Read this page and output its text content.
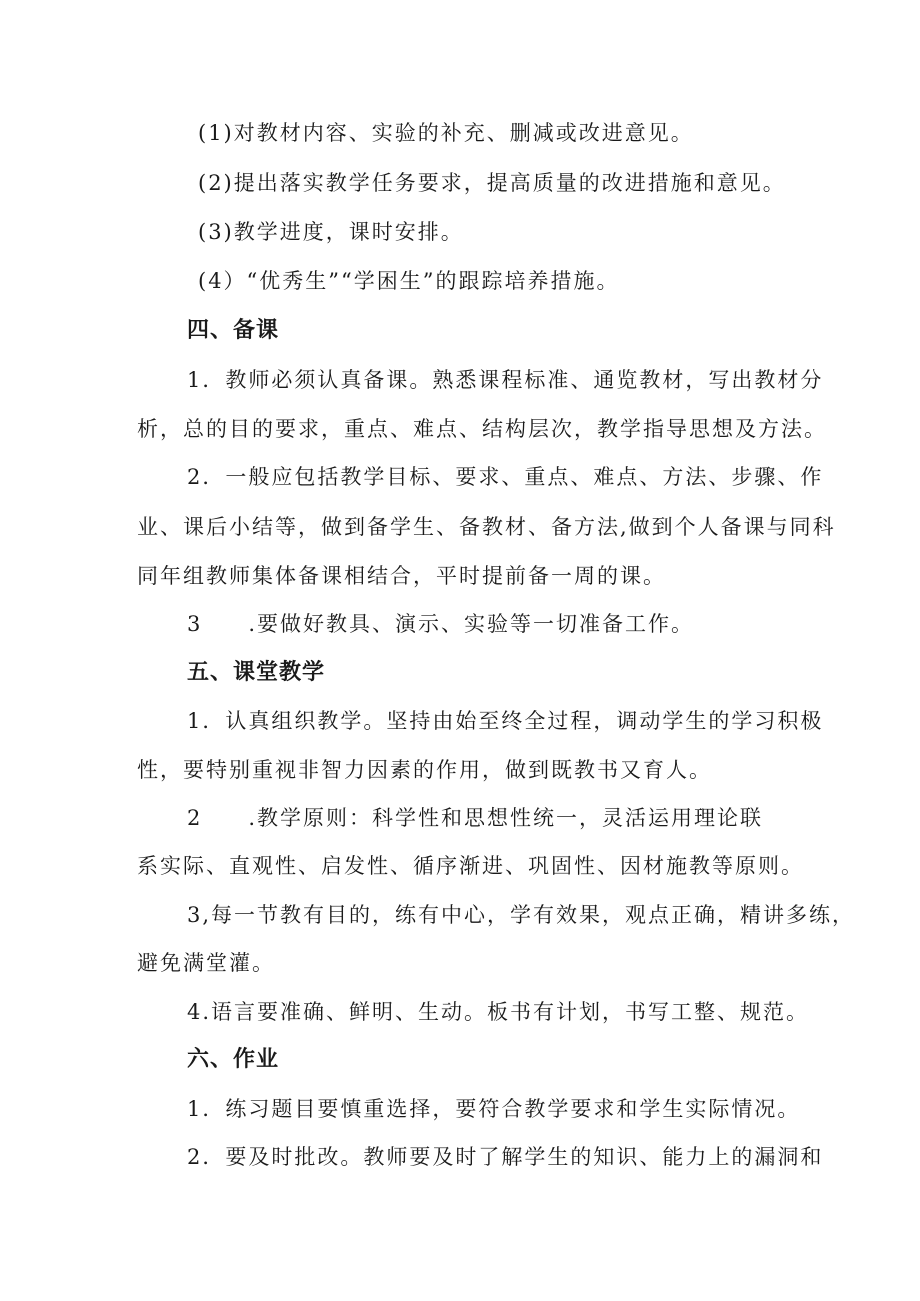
(1)对教材内容、实验的补充、删减或改进意见。
(2)提出落实教学任务要求，提高质量的改进措施和意见。
(3)教学进度，课时安排。
(4）“优秀生”“学困生”的跟踪培养措施。
四、备课
1．教师必须认真备课。熟悉课程标准、通览教材，写出教材分
析，总的目的要求，重点、难点、结构层次，教学指导思想及方法。
2．一般应包括教学目标、要求、重点、难点、方法、步骤、作
业、课后小结等，做到备学生、备教材、备方法,做到个人备课与同科
同年组教师集体备课相结合，平时提前备一周的课。
3　　.要做好教具、演示、实验等一切准备工作。
五、课堂教学
1．认真组织教学。坚持由始至终全过程，调动学生的学习积极
性，要特别重视非智力因素的作用，做到既教书又育人。
2　　.教学原则：科学性和思想性统一，灵活运用理论联
系实际、直观性、启发性、循序渐进、巩固性、因材施教等原则。
3,每一节教有目的，练有中心，学有效果，观点正确，精讲多练，
避免满堂灌。
4.语言要准确、鲜明、生动。板书有计划，书写工整、规范。
六、作业
1．练习题目要慎重选择，要符合教学要求和学生实际情况。
2．要及时批改。教师要及时了解学生的知识、能力上的漏洞和
